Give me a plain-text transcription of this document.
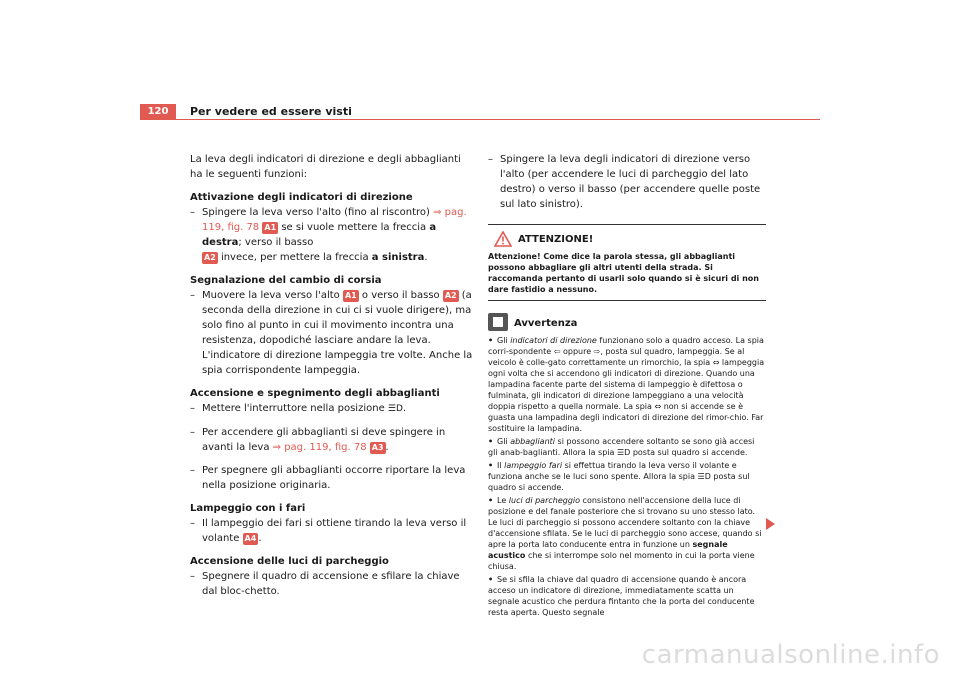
120	Per vedere ed essere visti

La leva degli indicatori di direzione e degli abbaglianti ha le seguenti funzioni:

Attivazione degli indicatori di direzione

– Spingere la leva verso l'alto (fino al riscontro) ⇒ pag. 119, fig. 78 A1 se si vuole mettere la freccia a destra; verso il basso
A2 invece, per mettere la freccia a sinistra.

Segnalazione del cambio di corsia

– Muovere la leva verso l'alto A1 o verso il basso A2 (a seconda della direzione in cui ci si vuole dirigere), ma solo fino al punto in cui il movimento incontra una resistenza, dopodiché lasciare andare la leva. L'indicatore di direzione lampeggia tre volte. Anche la spia corrispondente lampeggia.

Accensione e spegnimento degli abbaglianti

– Mettere l'interruttore nella posizione ☰D.

– Per accendere gli abbaglianti si deve spingere in avanti la leva ⇒ pag. 119, fig. 78 A3 .

– Per spegnere gli abbaglianti occorre riportare la leva nella posizione originaria.

Lampeggio con i fari

– Il lampeggio dei fari si ottiene tirando la leva verso il volante A4 .

Accensione delle luci di parcheggio

– Spegnere il quadro di accensione e sfilare la chiave dal bloc-chetto.

– Spingere la leva degli indicatori di direzione verso l'alto (per accendere le luci di parcheggio del lato destro) o verso il basso (per accendere quelle poste sul lato sinistro).

ATTENZIONE!

Attenzione! Come dice la parola stessa, gli abbaglianti possono abbagliare gli altri utenti della strada. Si raccomanda pertanto di usarli solo quando si è sicuri di non dare fastidio a nessuno.

Avvertenza

• Gli indicatori di direzione funzionano solo a quadro acceso. La spia corri-spondente ⇦ oppure ⇨, posta sul quadro, lampeggia. Se al veicolo è colle-gato correttamente un rimorchio, la spia ⇔ lampeggia ogni volta che si accendono gli indicatori di direzione. Quando una lampadina facente parte del sistema di lampeggio è difettosa o fulminata, gli indicatori di direzione lampeggiano a una velocità doppia rispetto a quella normale. La spia ⇔ non si accende se è guasta una lampadina degli indicatori di direzione del rimor-chio. Far sostituire la lampadina.

• Gli abbaglianti si possono accendere soltanto se sono già accesi gli anab-baglianti. Allora la spia ☰D posta sul quadro si accende.

• Il lampeggio fari si effettua tirando la leva verso il volante e funziona anche se le luci sono spente. Allora la spia ☰D posta sul quadro si accende.

• Le luci di parcheggio consistono nell'accensione della luce di posizione e del fanale posteriore che si trovano su uno stesso lato. Le luci di parcheggio si possono accendere soltanto con la chiave d'accensione sfilata. Se le luci di parcheggio sono accese, quando si apre la porta lato conducente entra in funzione un segnale acustico che si interrompe solo nel momento in cui la porta viene chiusa.

• Se si sfila la chiave dal quadro di accensione quando è ancora acceso un indicatore di direzione, immediatamente scatta un segnale acustico che perdura fintanto che la porta del conducente resta aperta. Questo segnale

carmanualsonline.info
